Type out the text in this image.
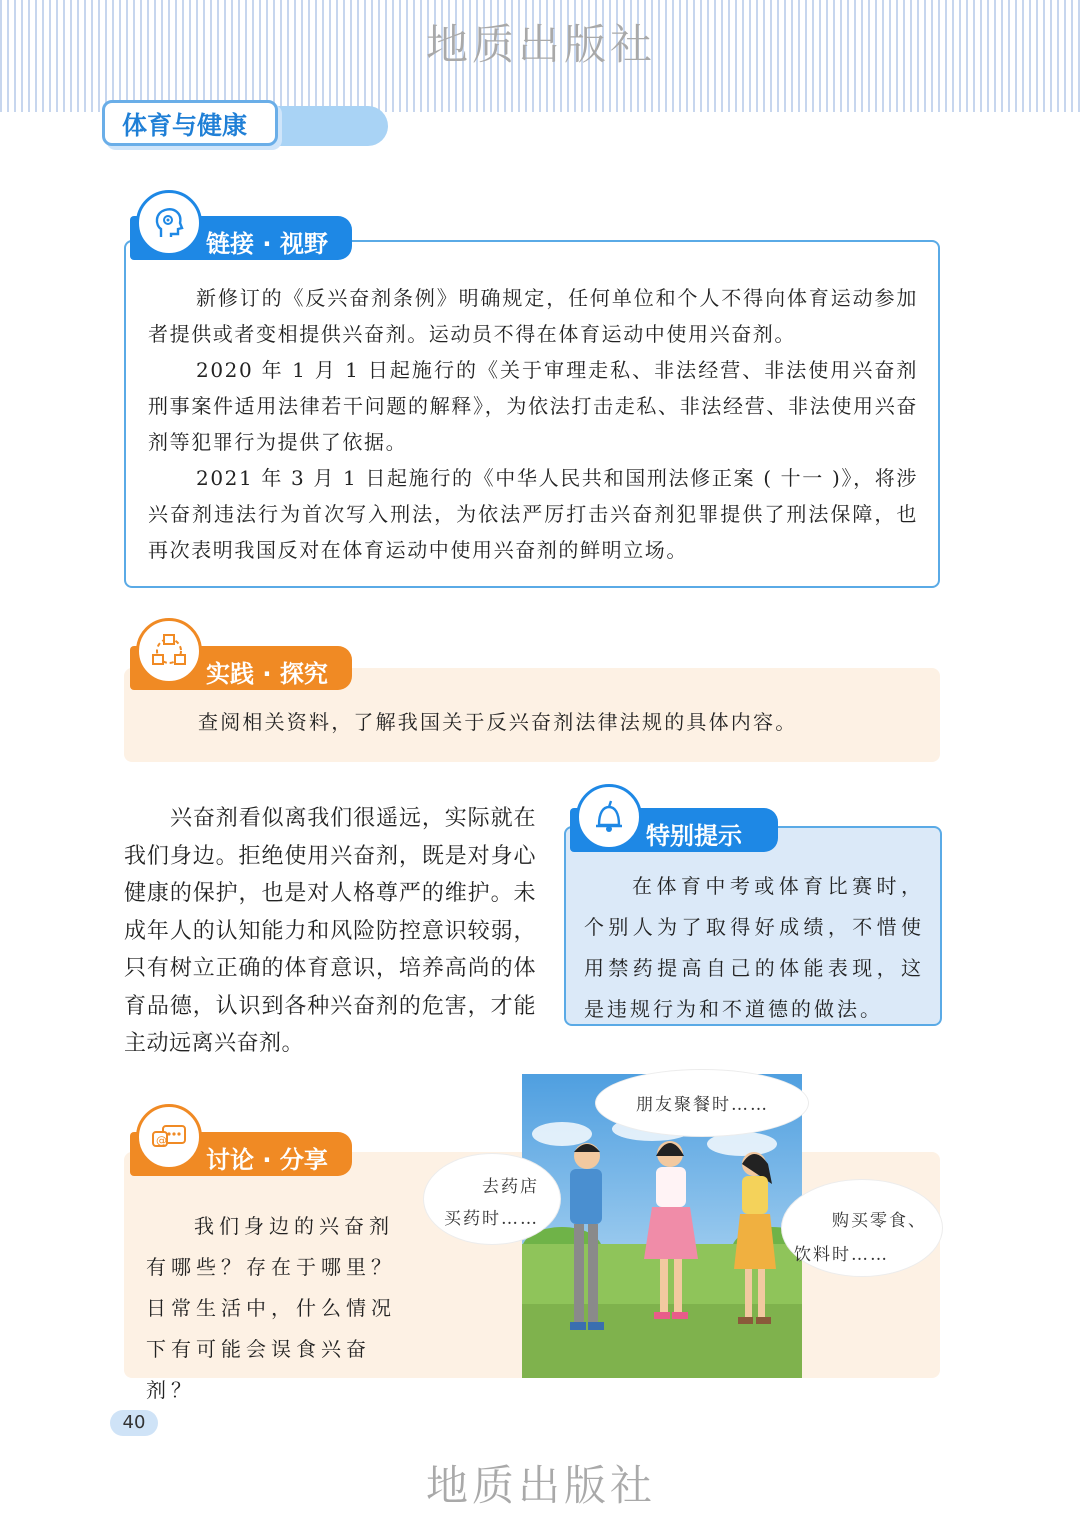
地质出版社
体育与健康
链接 · 视野
新修订的《反兴奋剂条例》明确规定，任何单位和个人不得向体育运动参加者提供或者变相提供兴奋剂。运动员不得在体育运动中使用兴奋剂。
2020 年 1 月 1 日起施行的《关于审理走私、非法经营、非法使用兴奋剂刑事案件适用法律若干问题的解释》，为依法打击走私、非法经营、非法使用兴奋剂等犯罪行为提供了依据。
2021 年 3 月 1 日起施行的《中华人民共和国刑法修正案 ( 十一 )》，将涉兴奋剂违法行为首次写入刑法，为依法严厉打击兴奋剂犯罪提供了刑法保障，也再次表明我国反对在体育运动中使用兴奋剂的鲜明立场。
实践 · 探究
查阅相关资料，了解我国关于反兴奋剂法律法规的具体内容。
兴奋剂看似离我们很遥远，实际就在我们身边。拒绝使用兴奋剂，既是对身心健康的保护，也是对人格尊严的维护。未成年人的认知能力和风险防控意识较弱，只有树立正确的体育意识，培养高尚的体育品德，认识到各种兴奋剂的危害，才能主动远离兴奋剂。
特别提示
在体育中考或体育比赛时，个别人为了取得好成绩，不惜使用禁药提高自己的体能表现，这是违规行为和不道德的做法。
@
讨论 · 分享
我们身边的兴奋剂有哪些？存在于哪里？日常生活中，什么情况下有可能会误食兴奋剂？
朋友聚餐时……
去药店
买药时……	购买零食、
饮料时……
40
地质出版社
